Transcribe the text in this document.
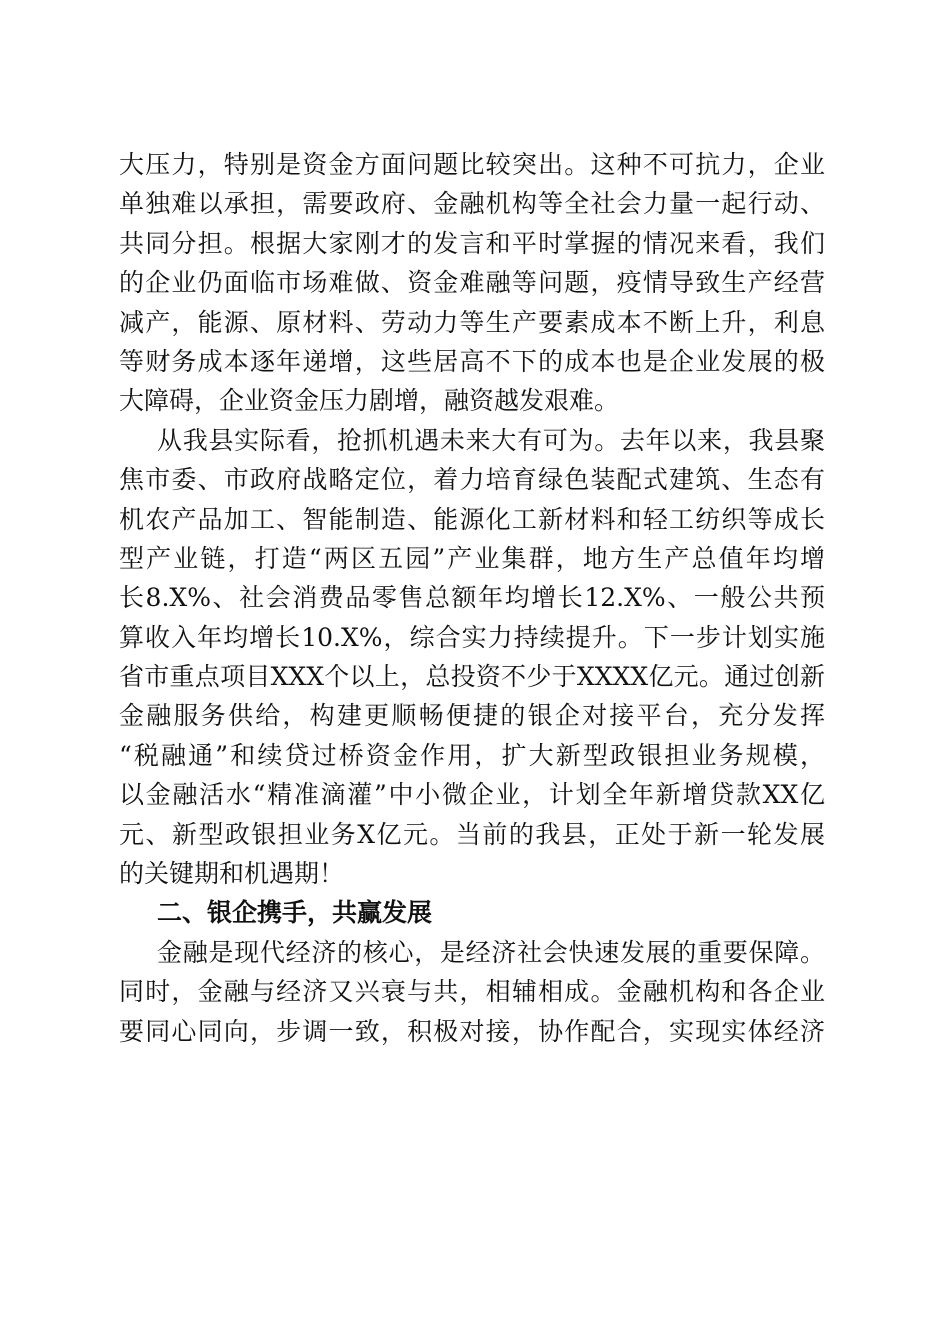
大压力，特别是资金方面问题比较突出。这种不可抗力，企业
单独难以承担，需要政府、金融机构等全社会力量一起行动、
共同分担。根据大家刚才的发言和平时掌握的情况来看，我们
的企业仍面临市场难做、资金难融等问题，疫情导致生产经营
减产，能源、原材料、劳动力等生产要素成本不断上升，利息
等财务成本逐年递增，这些居高不下的成本也是企业发展的极
大障碍，企业资金压力剧增，融资越发艰难。
从我县实际看，抢抓机遇未来大有可为。去年以来，我县聚
焦市委、市政府战略定位，着力培育绿色装配式建筑、生态有
机农产品加工、智能制造、能源化工新材料和轻工纺织等成长
型产业链，打造“两区五园”产业集群，地方生产总值年均增
长8.X%、社会消费品零售总额年均增长12.X%、一般公共预
算收入年均增长10.X%，综合实力持续提升。下一步计划实施
省市重点项目XXX个以上，总投资不少于XXXX亿元。通过创新
金融服务供给，构建更顺畅便捷的银企对接平台，充分发挥
“税融通”和续贷过桥资金作用，扩大新型政银担业务规模，
以金融活水“精准滴灌”中小微企业，计划全年新增贷款XX亿
元、新型政银担业务X亿元。当前的我县，正处于新一轮发展
的关键期和机遇期！
二、银企携手，共赢发展
金融是现代经济的核心，是经济社会快速发展的重要保障。
同时，金融与经济又兴衰与共，相辅相成。金融机构和各企业
要同心同向，步调一致，积极对接，协作配合，实现实体经济
